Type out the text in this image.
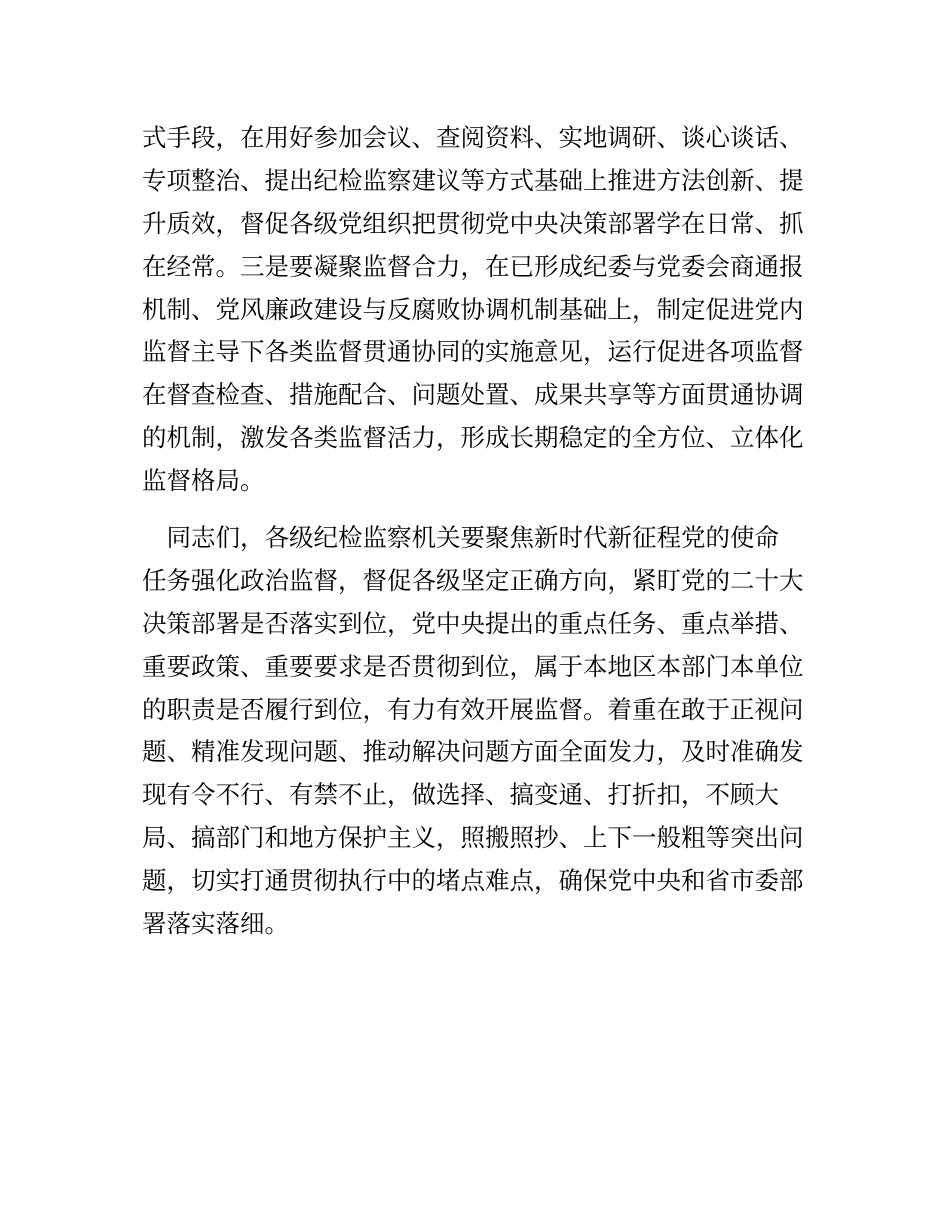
式手段，在用好参加会议、查阅资料、实地调研、谈心谈话、
专项整治、提出纪检监察建议等方式基础上推进方法创新、提
升质效，督促各级党组织把贯彻党中央决策部署学在日常、抓
在经常。三是要凝聚监督合力，在已形成纪委与党委会商通报
机制、党风廉政建设与反腐败协调机制基础上，制定促进党内
监督主导下各类监督贯通协同的实施意见，运行促进各项监督
在督查检查、措施配合、问题处置、成果共享等方面贯通协调
的机制，激发各类监督活力，形成长期稳定的全方位、立体化
监督格局。
　同志们，各级纪检监察机关要聚焦新时代新征程党的使命
任务强化政治监督，督促各级坚定正确方向，紧盯党的二十大
决策部署是否落实到位，党中央提出的重点任务、重点举措、
重要政策、重要要求是否贯彻到位，属于本地区本部门本单位
的职责是否履行到位，有力有效开展监督。着重在敢于正视问
题、精准发现问题、推动解决问题方面全面发力，及时准确发
现有令不行、有禁不止，做选择、搞变通、打折扣，不顾大
局、搞部门和地方保护主义，照搬照抄、上下一般粗等突出问
题，切实打通贯彻执行中的堵点难点，确保党中央和省市委部
署落实落细。
